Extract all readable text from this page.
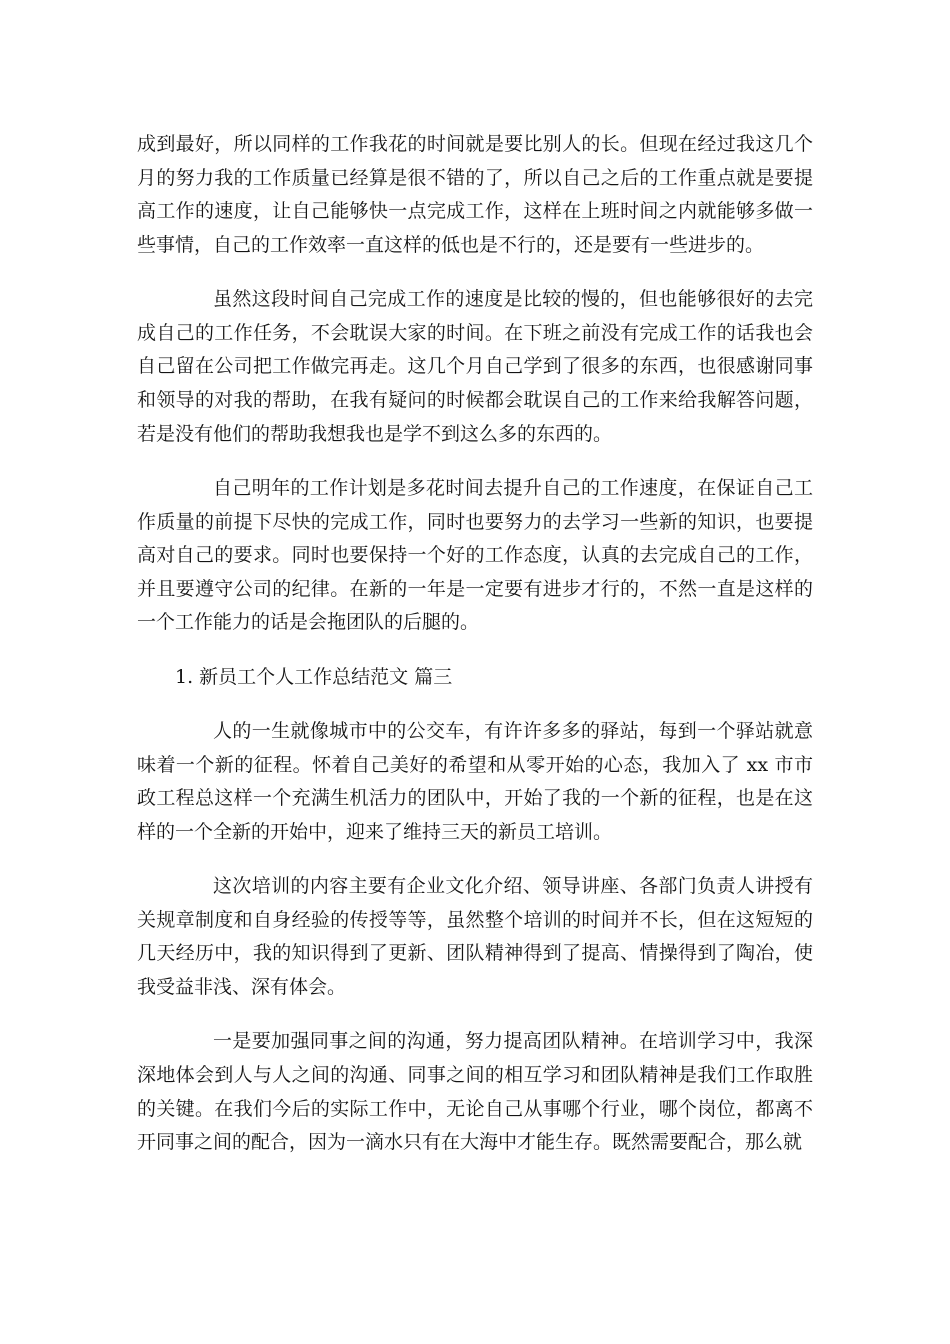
成到最好，所以同样的工作我花的时间就是要比别人的长。但现在经过我这几个月的努力我的工作质量已经算是很不错的了，所以自己之后的工作重点就是要提高工作的速度，让自己能够快一点完成工作，这样在上班时间之内就能够多做一些事情，自己的工作效率一直这样的低也是不行的，还是要有一些进步的。

虽然这段时间自己完成工作的速度是比较的慢的，但也能够很好的去完成自己的工作任务，不会耽误大家的时间。在下班之前没有完成工作的话我也会自己留在公司把工作做完再走。这几个月自己学到了很多的东西，也很感谢同事和领导的对我的帮助，在我有疑问的时候都会耽误自己的工作来给我解答问题，若是没有他们的帮助我想我也是学不到这么多的东西的。

自己明年的工作计划是多花时间去提升自己的工作速度，在保证自己工作质量的前提下尽快的完成工作，同时也要努力的去学习一些新的知识，也要提高对自己的要求。同时也要保持一个好的工作态度，认真的去完成自己的工作，并且要遵守公司的纪律。在新的一年是一定要有进步才行的，不然一直是这样的一个工作能力的话是会拖团队的后腿的。

1. 新员工个人工作总结范文 篇三

人的一生就像城市中的公交车，有许许多多的驿站，每到一个驿站就意味着一个新的征程。怀着自己美好的希望和从零开始的心态，我加入了 xx 市市政工程总这样一个充满生机活力的团队中，开始了我的一个新的征程，也是在这样的一个全新的开始中，迎来了维持三天的新员工培训。

这次培训的内容主要有企业文化介绍、领导讲座、各部门负责人讲授有关规章制度和自身经验的传授等等，虽然整个培训的时间并不长，但在这短短的几天经历中，我的知识得到了更新、团队精神得到了提高、情操得到了陶冶，使我受益非浅、深有体会。

一是要加强同事之间的沟通，努力提高团队精神。在培训学习中，我深深地体会到人与人之间的沟通、同事之间的相互学习和团队精神是我们工作取胜的关键。在我们今后的实际工作中，无论自己从事哪个行业，哪个岗位，都离不开同事之间的配合，因为一滴水只有在大海中才能生存。既然需要配合，那么就
